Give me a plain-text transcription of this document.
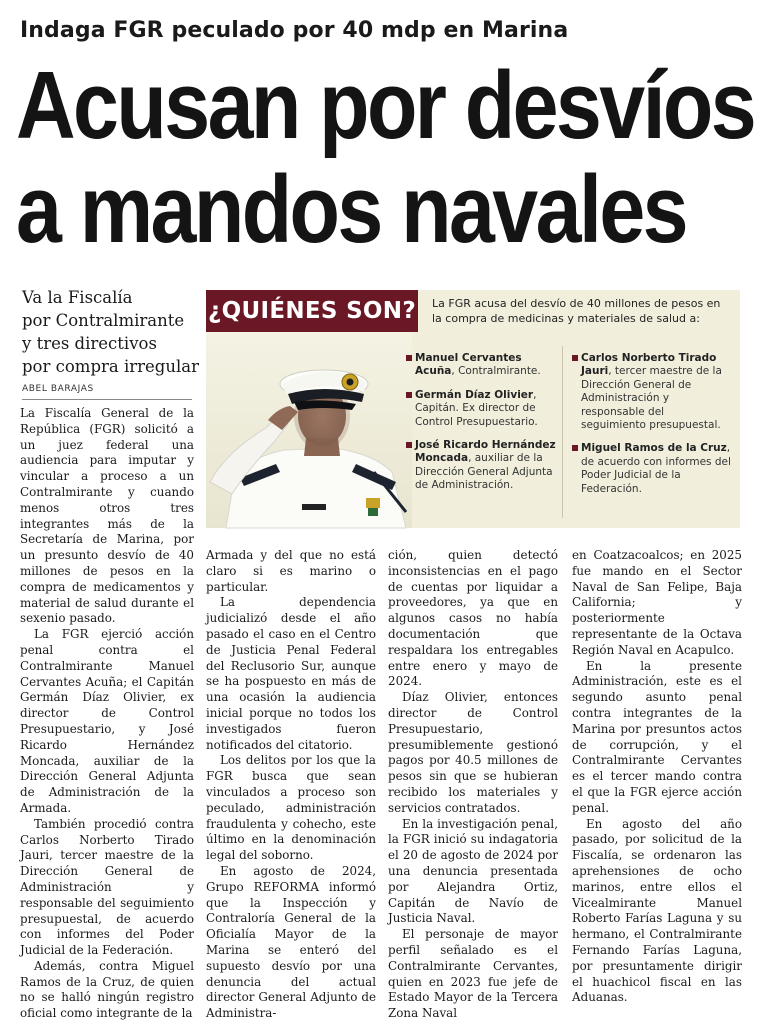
Indaga FGR peculado por 40 mdp en Marina
Acusan por desvíos
a mandos navales
Va la Fiscalía
por Contralmirante
y tres directivos
por compra irregular
ABEL BARAJAS
¿QUIÉNES SON? La FGR acusa del desvío de 40 millones de pesos en la compra de medicinas y materiales de salud a:
Manuel Cervantes Acuña, Contralmirante.
Germán Díaz Olivier, Capitán. Ex director de Control Presupuestario.
José Ricardo Hernández Moncada, auxiliar de la Dirección General Adjunta de Administración.
Carlos Norberto Tirado Jauri, tercer maestre de la Dirección General de Administración y responsable del seguimiento presupuestal.
Miguel Ramos de la Cruz, de acuerdo con informes del Poder Judicial de la Federación.

La Fiscalía General de la República (FGR) solicitó a un juez federal una audiencia para imputar y vincular a proceso a un Contralmirante y cuando menos otros tres integrantes más de la Secretaría de Marina, por un presunto desvío de 40 millones de pesos en la compra de medicamentos y material de salud durante el sexenio pasado.

La FGR ejerció acción penal contra el Contralmirante Manuel Cervantes Acuña; el Capitán Germán Díaz Olivier, ex director de Control Presupuestario, y José Ricardo Hernández Moncada, auxiliar de la Dirección General Adjunta de Administración de la Armada.

También procedió contra Carlos Norberto Tirado Jauri, tercer maestre de la Dirección General de Administración y responsable del seguimiento presupuestal, de acuerdo con informes del Poder Judicial de la Federación.

Además, contra Miguel Ramos de la Cruz, de quien no se halló ningún registro oficial como integrante de la

Armada y del que no está claro si es marino o particular.

La dependencia judicializó desde el año pasado el caso en el Centro de Justicia Penal Federal del Reclusorio Sur, aunque se ha pospuesto en más de una ocasión la audiencia inicial porque no todos los investigados fueron notificados del citatorio.

Los delitos por los que la FGR busca que sean vinculados a proceso son peculado, administración fraudulenta y cohecho, este último en la denominación legal del soborno.

En agosto de 2024, Grupo REFORMA informó que la Inspección y Contraloría General de la Oficialía Mayor de la Marina se enteró del supuesto desvío por una denuncia del actual director General Adjunto de Administra-

ción, quien detectó inconsistencias en el pago de cuentas por liquidar a proveedores, ya que en algunos casos no había documentación que respaldara los entregables entre enero y mayo de 2024.

Díaz Olivier, entonces director de Control Presupuestario, presumiblemente gestionó pagos por 40.5 millones de pesos sin que se hubieran recibido los materiales y servicios contratados.

En la investigación penal, la FGR inició su indagatoria el 20 de agosto de 2024 por una denuncia presentada por Alejandra Ortiz, Capitán de Navío de Justicia Naval.

El personaje de mayor perfil señalado es el Contralmirante Cervantes, quien en 2023 fue jefe de Estado Mayor de la Tercera Zona Naval

en Coatzacoalcos; en 2025 fue mando en el Sector Naval de San Felipe, Baja California; y posteriormente representante de la Octava Región Naval en Acapulco.

En la presente Administración, este es el segundo asunto penal contra integrantes de la Marina por presuntos actos de corrupción, y el Contralmirante Cervantes es el tercer mando contra el que la FGR ejerce acción penal.

En agosto del año pasado, por solicitud de la Fiscalía, se ordenaron las aprehensiones de ocho marinos, entre ellos el Vicealmirante Manuel Roberto Farías Laguna y su hermano, el Contralmirante Fernando Farías Laguna, por presuntamente dirigir el huachicol fiscal en las Aduanas.
